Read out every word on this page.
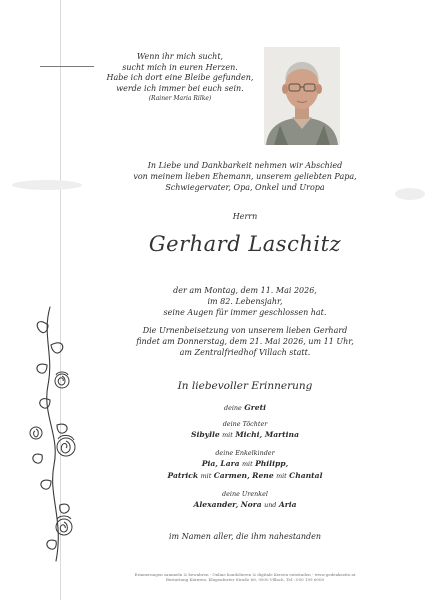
Wenn ihr mich sucht,
sucht mich in euren Herzen.
Habe ich dort eine Bleibe gefunden,
werde ich immer bei euch sein.
(Rainer Maria Rilke)
In Liebe und Dankbarkeit nehmen wir Abschied
von meinem lieben Ehemann, unserem geliebten Papa,
Schwiegervater, Opa, Onkel und Uropa
Herrn
Gerhard Laschitz
der am Montag, dem 11. Mai 2026,
im 82. Lebensjahr,
seine Augen für immer geschlossen hat.
Die Urnenbeisetzung von unserem lieben Gerhard
findet am Donnerstag, dem 21. Mai 2026, um 11 Uhr,
am Zentralfriedhof Villach statt.
In liebevoller Erinnerung
deine Greti
deine Töchter
Sibylle mit Michi, Martina
deine Enkelkinder
Pia, Lara mit Philipp,
Patrick mit Carmen, Rene mit Chantal
deine Urenkel
Alexander, Nora und Aria
im Namen aller, die ihm nahestanden
Erinnerungen sammeln & bewahren - Online kondolieren & digitale Kerzen entzünden - www.gedenkseite.at
Bestattung Kärnten, Klagenfurter Straße 66, 9500 Villach, Tel.: 050 199 6000
